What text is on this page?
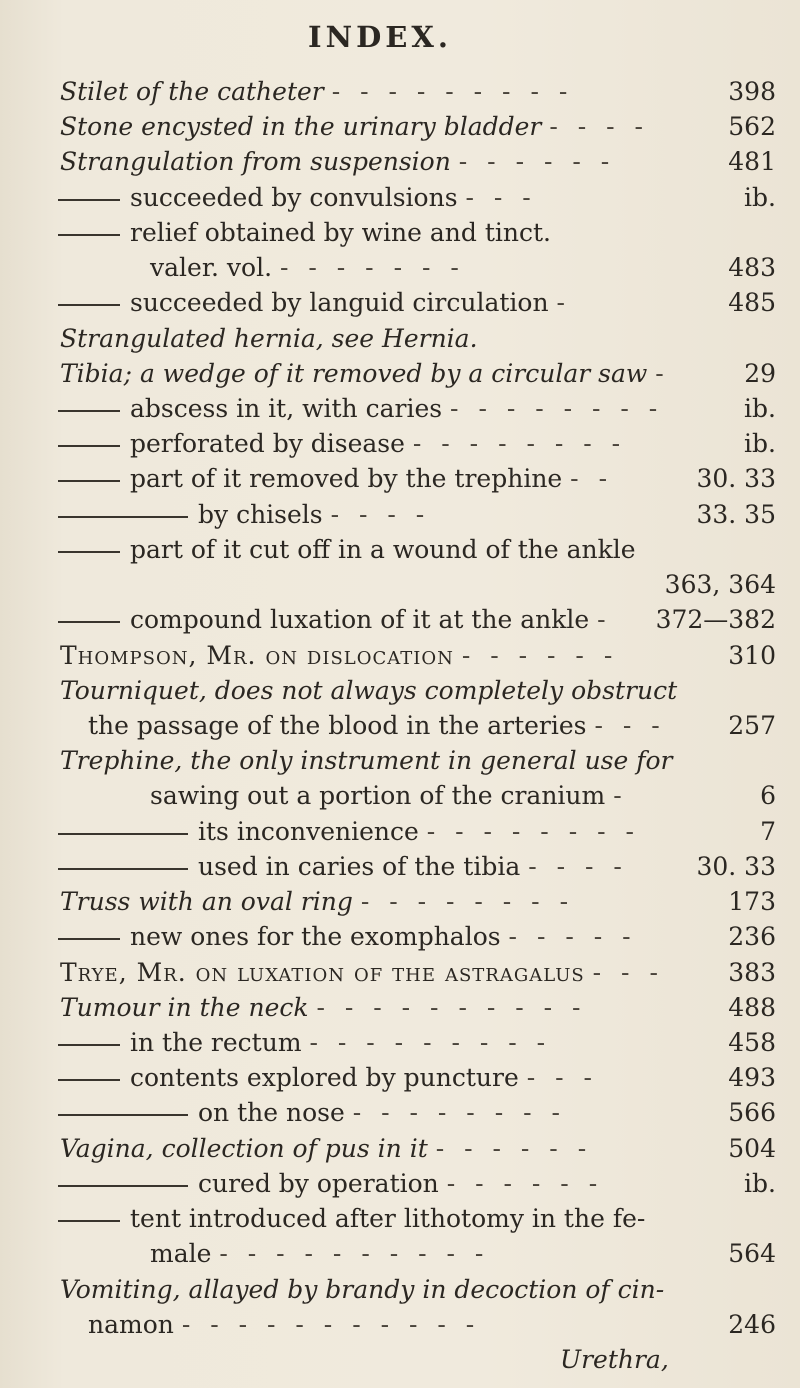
INDEX.
Stilet of the catheter - - - - - - - - -	398
Stone encysted in the urinary bladder - - - -	562
Strangulation from suspension - - - - - -	481
succeeded by convulsions - - -	ib.
relief obtained by wine and tinct.
valer. vol. - - - - - - -	483
succeeded by languid circulation -	485
Strangulated hernia, see Hernia.
Tibia; a wedge of it removed by a circular saw -	29
abscess in it, with caries - - - - - - - -	ib.
perforated by disease - - - - - - - -	ib.
part of it removed by the trephine - -	30. 33
by chisels - - - -	33. 35
part of it cut off in a wound of the ankle
363, 364
compound luxation of it at the ankle - 372—382
Thompson, Mr. on dislocation - - - - - -	310
Tourniquet, does not always completely obstruct
the passage of the blood in the arteries - - -	257
Trephine, the only instrument in general use for
sawing out a portion of the cranium -	6
its inconvenience - - - - - - - -	7
used in caries of the tibia - - - -	30. 33
Truss with an oval ring - - - - - - - -	173
new ones for the exomphalos - - - - -	236
Trye, Mr. on luxation of the astragalus - - -	383
Tumour in the neck - - - - - - - - - -	488
in the rectum - - - - - - - - -	458
contents explored by puncture - - -	493
on the nose - - - - - - - -	566
Vagina, collection of pus in it - - - - - -	504
cured by operation - - - - - -	ib.
tent introduced after lithotomy in the fe-
male - - - - - - - - - -	564
Vomiting, allayed by brandy in decoction of cin-
namon - - - - - - - - - - -	246
Urethra,
